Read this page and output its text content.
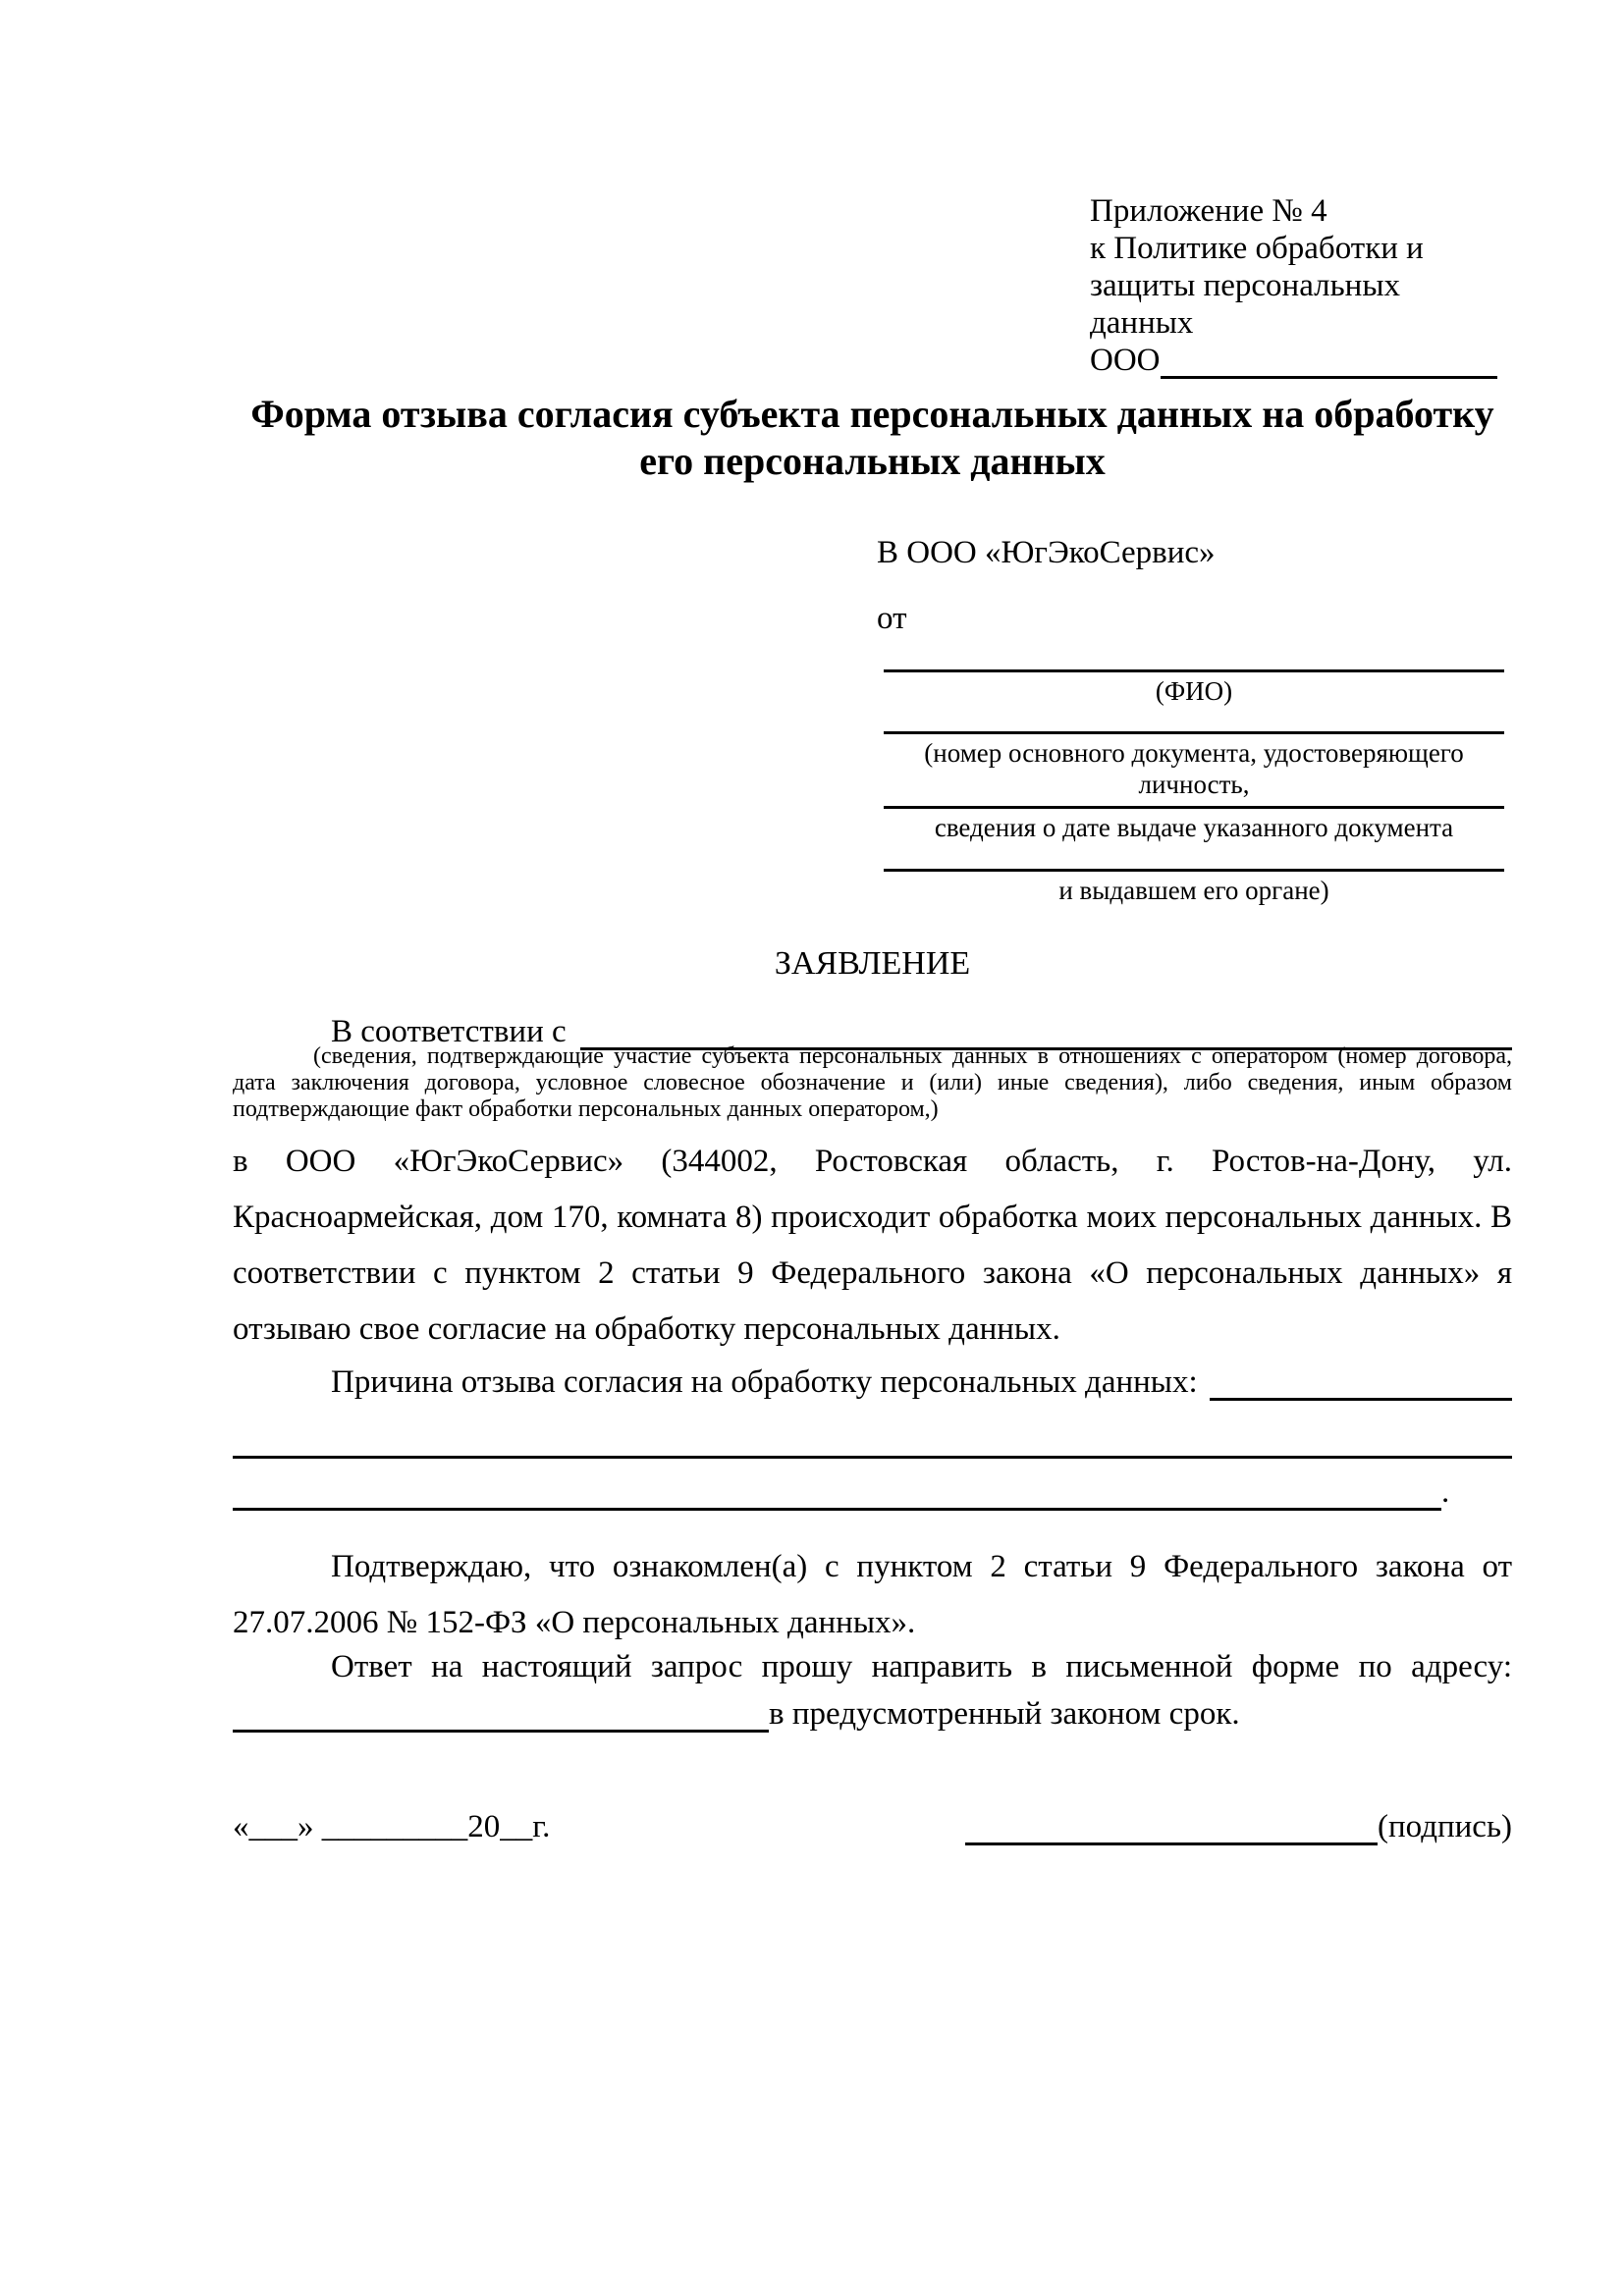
Приложение № 4
к Политике обработки и
защиты персональных данных
ООО
Форма отзыва согласия субъекта персональных данных на обработку его персональных данных
В ООО «ЮгЭкоСервис»
от
(ФИО)
(номер основного документа, удостоверяющего личность,
сведения о дате выдаче указанного документа
и выдавшем его органе)
ЗАЯВЛЕНИЕ
В соответствии с
(сведения, подтверждающие участие субъекта персональных данных в отношениях с оператором (номер договора, дата заключения договора, условное словесное обозначение и (или) иные сведения), либо сведения, иным образом подтверждающие факт обработки персональных данных оператором,)
в ООО «ЮгЭкоСервис» (344002, Ростовская область, г. Ростов-на-Дону, ул. Красноармейская, дом 170, комната 8) происходит обработка моих персональных данных. В соответствии с пунктом 2 статьи 9 Федерального закона «О персональных данных» я отзываю свое согласие на обработку персональных данных.
Причина отзыва согласия на обработку персональных данных:
.
Подтверждаю, что ознакомлен(а) с пунктом 2 статьи 9 Федерального закона от 27.07.2006 № 152-ФЗ «О персональных данных».
Ответ на настоящий запрос прошу направить в письменной форме по адресу:
в предусмотренный законом срок.
«___» _________20__г.	(подпись)
